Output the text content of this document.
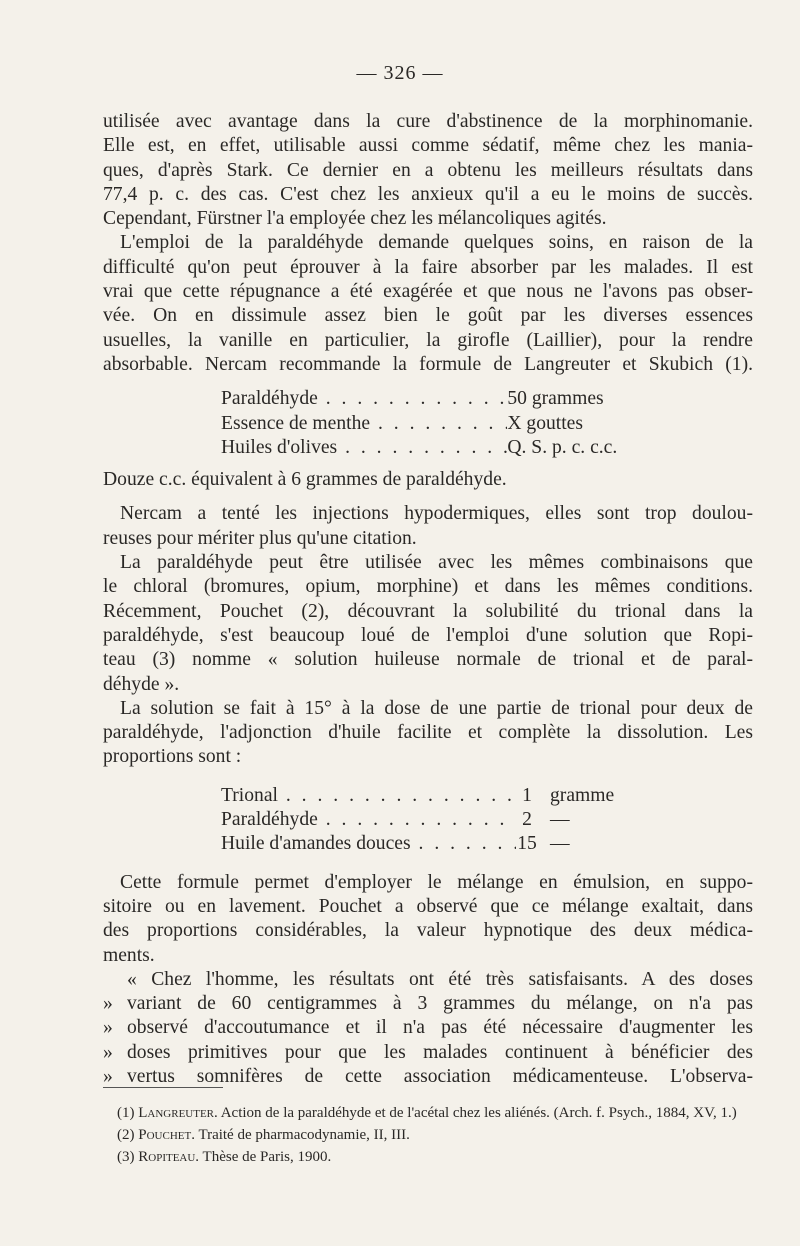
— 326 —

utilisée avec avantage dans la cure d'abstinence de la morphinomanie.
Elle est, en effet, utilisable aussi comme sédatif, même chez les mania-
ques, d'après Stark. Ce dernier en a obtenu les meilleurs résultats dans
77,4 p. c. des cas. C'est chez les anxieux qu'il a eu le moins de succès.
Cependant, Fürstner l'a employée chez les mélancoliques agités.

L'emploi de la paraldéhyde demande quelques soins, en raison de la
difficulté qu'on peut éprouver à la faire absorber par les malades. Il est
vrai que cette répugnance a été exagérée et que nous ne l'avons pas obser-
vée. On en dissimule assez bien le goût par les diverses essences
usuelles, la vanille en particulier, la girofle (Laillier), pour la rendre
absorbable. Nercam recommande la formule de Langreuter et Skubich (1).

Paraldéhyde . . .	50 grammes
Essence de menthe . . .	X gouttes
Huiles d'olives . . .	Q. S. p. c. c.c.

Douze c.c. équivalent à 6 grammes de paraldéhyde.

Nercam a tenté les injections hypodermiques, elles sont trop doulou-
reuses pour mériter plus qu'une citation.

La paraldéhyde peut être utilisée avec les mêmes combinaisons que
le chloral (bromures, opium, morphine) et dans les mêmes conditions.
Récemment, Pouchet (2), découvrant la solubilité du trional dans la
paraldéhyde, s'est beaucoup loué de l'emploi d'une solution que Ropi-
teau (3) nomme « solution huileuse normale de trional et de paral-
déhyde ».

La solution se fait à 15° à la dose de une partie de trional pour deux de
paraldéhyde, l'adjonction d'huile facilite et complète la dissolution. Les
proportions sont :

Trional . . .	1 gramme
Paraldéhyde . . .	2 —
Huile d'amandes douces . . .	15 —

Cette formule permet d'employer le mélange en émulsion, en suppo-
sitoire ou en lavement. Pouchet a observé que ce mélange exaltait, dans
des proportions considérables, la valeur hypnotique des deux médica-
ments.

« Chez l'homme, les résultats ont été très satisfaisants. A des doses
» variant de 60 centigrammes à 3 grammes du mélange, on n'a pas
» observé d'accoutumance et il n'a pas été nécessaire d'augmenter les
» doses primitives pour que les malades continuent à bénéficier des
» vertus somnifères de cette association médicamenteuse. L'observa-
(1) Langreuter. Action de la paraldéhyde et de l'acétal chez les aliénés. (Arch. f. Psych., 1884, XV, 1.)
(2) Pouchet. Traité de pharmacodynamie, II, III.
(3) Ropiteau. Thèse de Paris, 1900.
